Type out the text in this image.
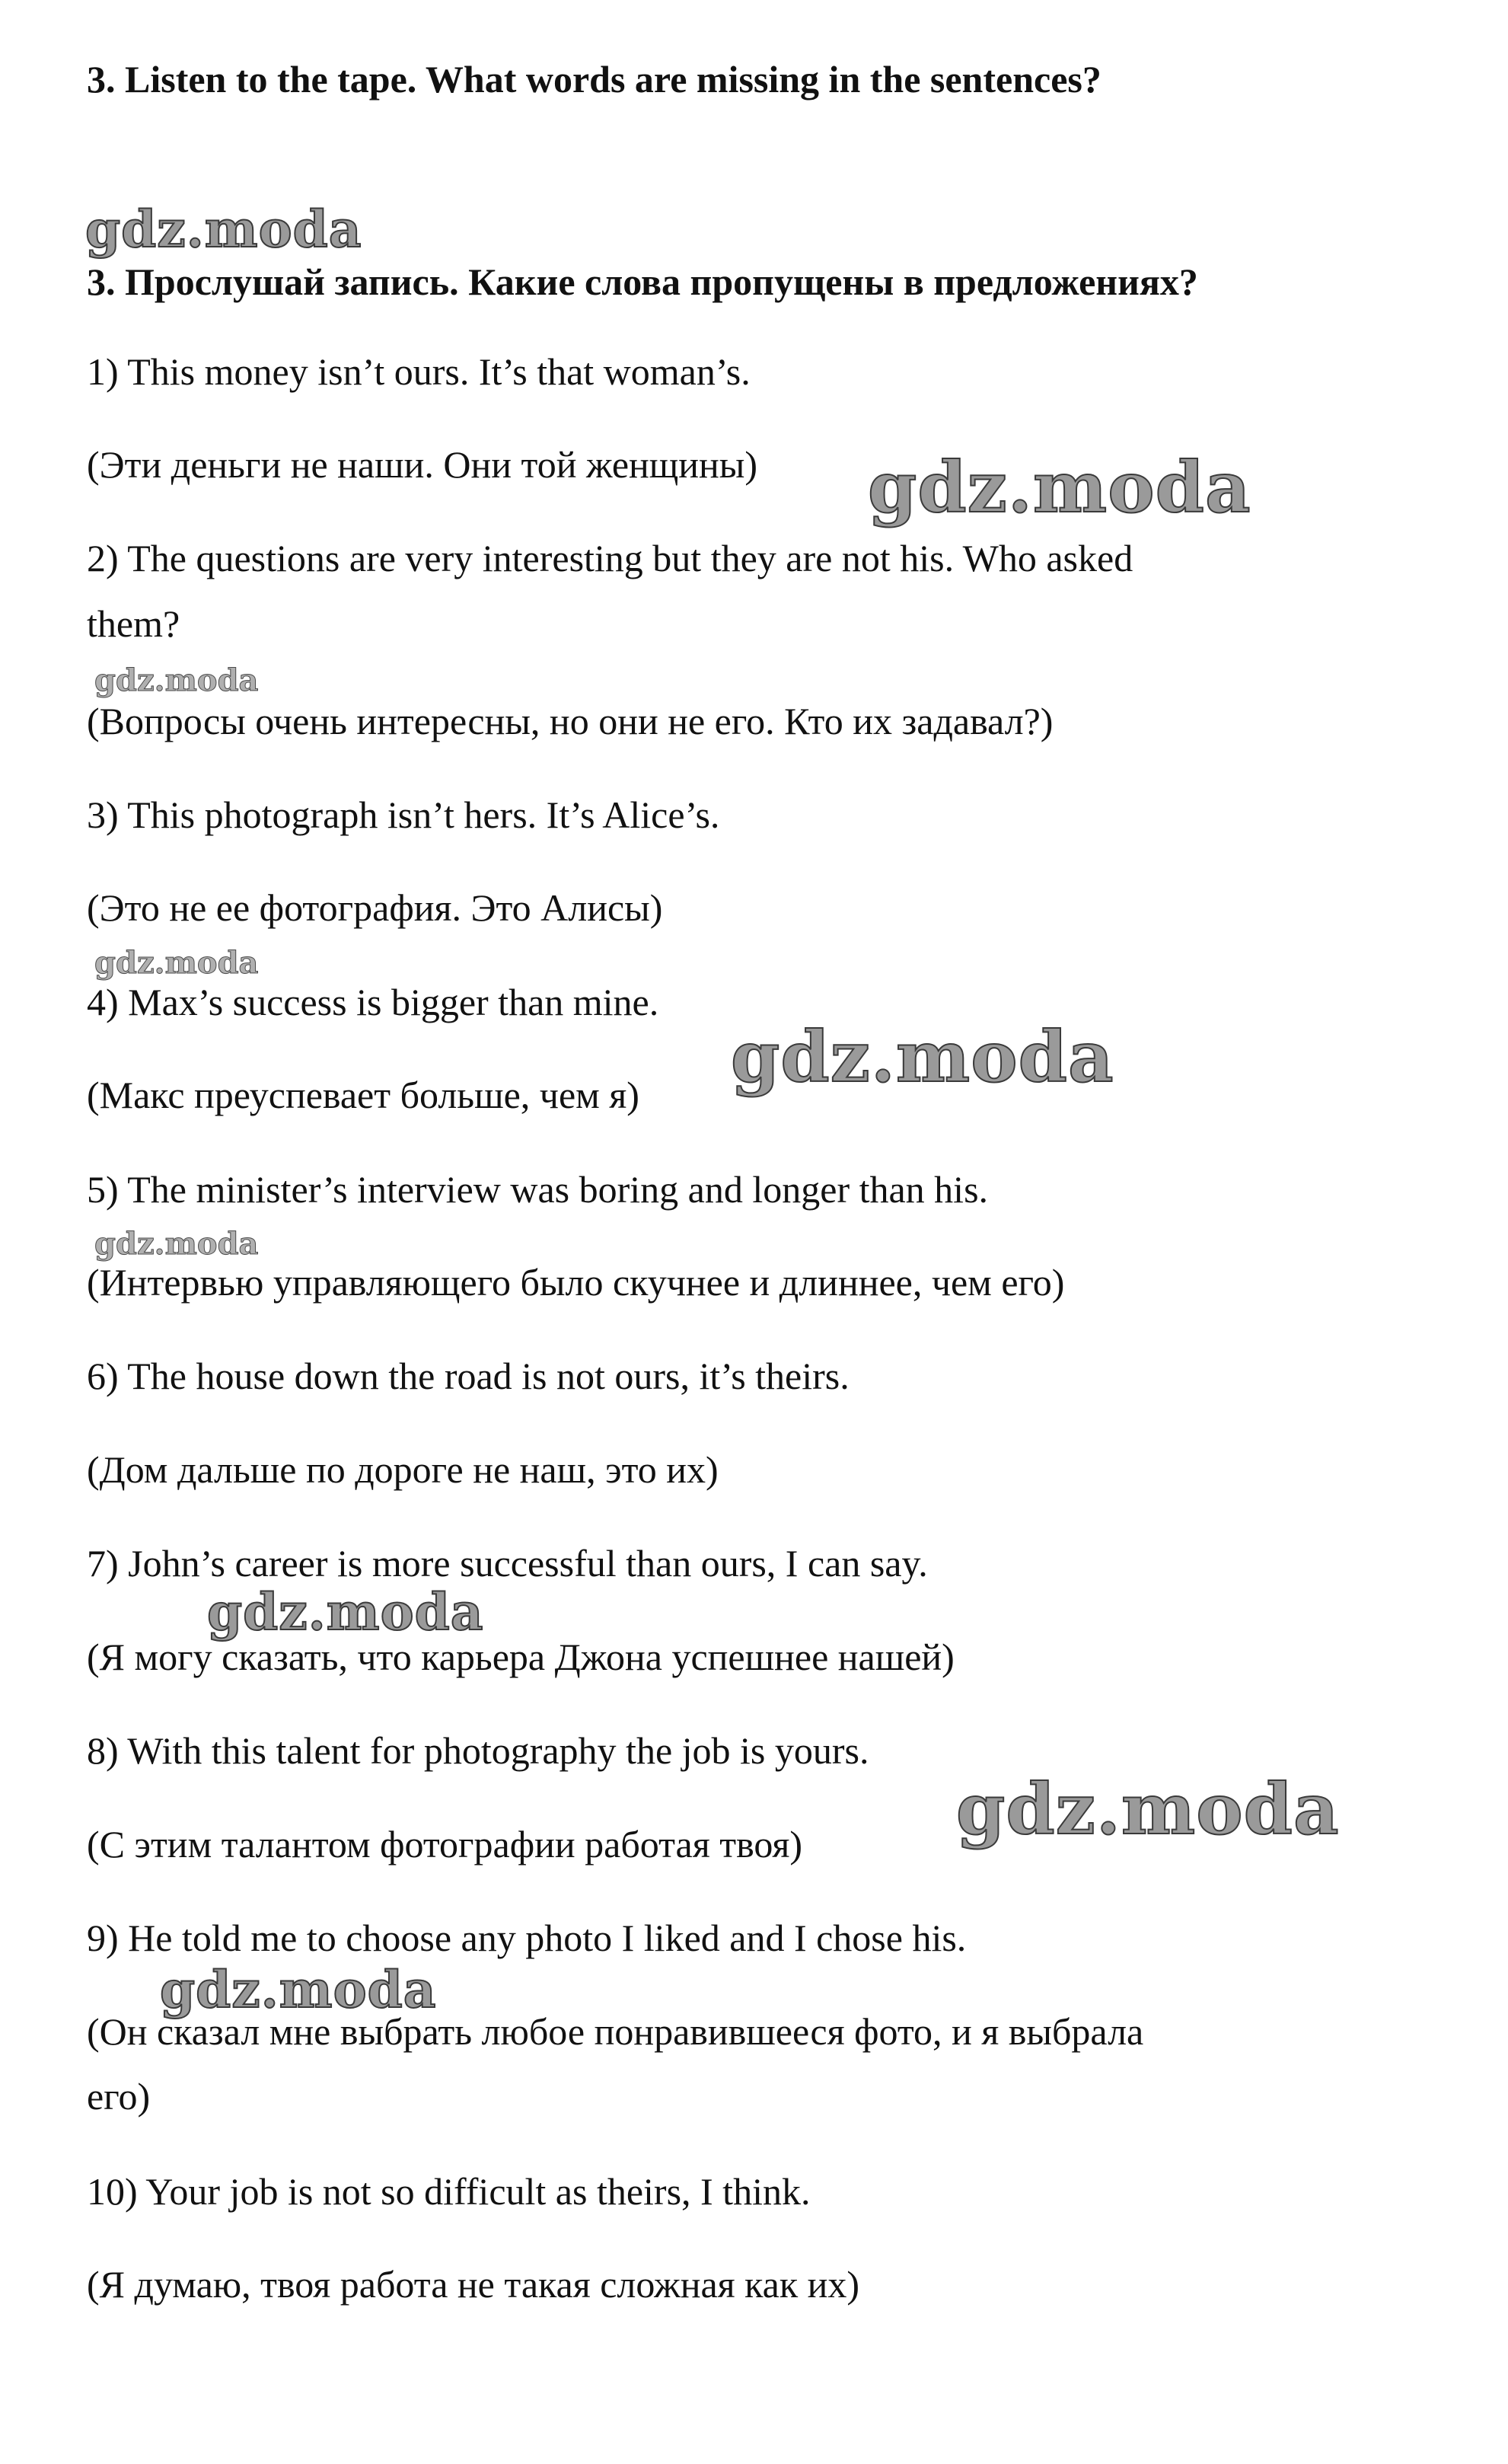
3. Listen to the tape. What words are missing in the sentences?
3. Прослушай запись. Какие слова пропущены в предложениях?
1) This money isn’t ours. It’s that woman’s.
(Эти деньги не наши. Они той женщины)
2) The questions are very interesting but they are not his. Who asked
them?
(Вопросы очень интересны, но они не его. Кто их задавал?)
3) This photograph isn’t hers. It’s Alice’s.
(Это не ее фотография. Это Алисы)
4) Max’s success is bigger than mine.
(Макс преуспевает больше, чем я)
5) The minister’s interview was boring and longer than his.
(Интервью управляющего было скучнее и длиннее, чем его)
6) The house down the road is not ours, it’s theirs.
(Дом дальше по дороге не наш, это их)
7) John’s career is more successful than ours, I can say.
(Я могу сказать, что карьера Джона успешнее нашей)
8) With this talent for photography the job is yours.
(С этим талантом фотографии работая твоя)
9) He told me to choose any photo I liked and I chose his.
(Он сказал мне выбрать любое понравившееся фото, и я выбрала
его)
10) Your job is not so difficult as theirs, I think.
(Я думаю, твоя работа не такая сложная как их)
gdz.moda
gdz.moda
gdz.moda
gdz.moda
gdz.moda
gdz.moda
gdz.moda
gdz.moda
gdz.moda
